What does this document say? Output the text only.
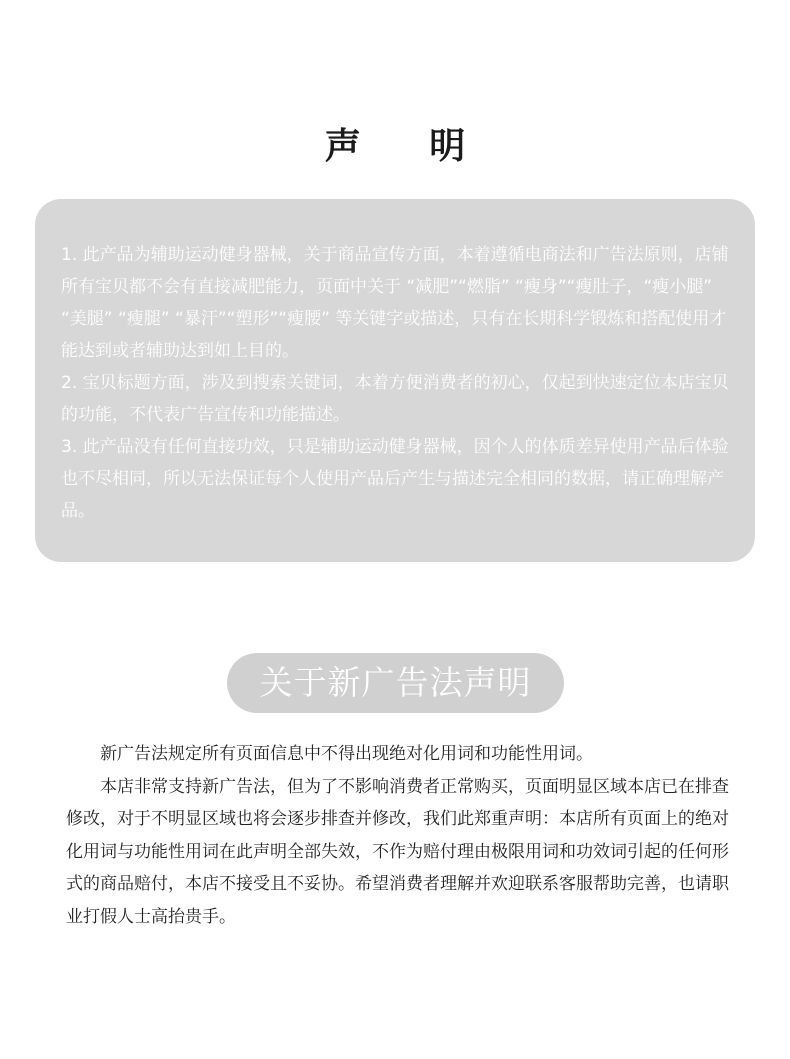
声 明

1. 此产品为辅助运动健身器械，关于商品宣传方面，本着遵循电商法和广告法原则，店铺所有宝贝都不会有直接减肥能力，页面中关于 “减肥”“燃脂” “瘦身”“瘦肚子，“瘦小腿” “美腿” “瘦腿” “暴汗”“塑形”“瘦腰” 等关键字或描述，只有在长期科学锻炼和搭配使用才能达到或者辅助达到如上目的。

2. 宝贝标题方面，涉及到搜索关键词，本着方便消费者的初心，仅起到快速定位本店宝贝的功能，不代表广告宣传和功能描述。

3. 此产品没有任何直接功效，只是辅助运动健身器械，因个人的体质差异使用产品后体验也不尽相同，所以无法保证每个人使用产品后产生与描述完全相同的数据，请正确理解产品。

关于新广告法声明

新广告法规定所有页面信息中不得出现绝对化用词和功能性用词。

本店非常支持新广告法，但为了不影响消费者正常购买，页面明显区域本店已在排查修改，对于不明显区域也将会逐步排查并修改，我们此郑重声明：本店所有页面上的绝对化用词与功能性用词在此声明全部失效，不作为赔付理由极限用词和功效词引起的任何形式的商品赔付，本店不接受且不妥协。希望消费者理解并欢迎联系客服帮助完善，也请职业打假人士高抬贵手。
